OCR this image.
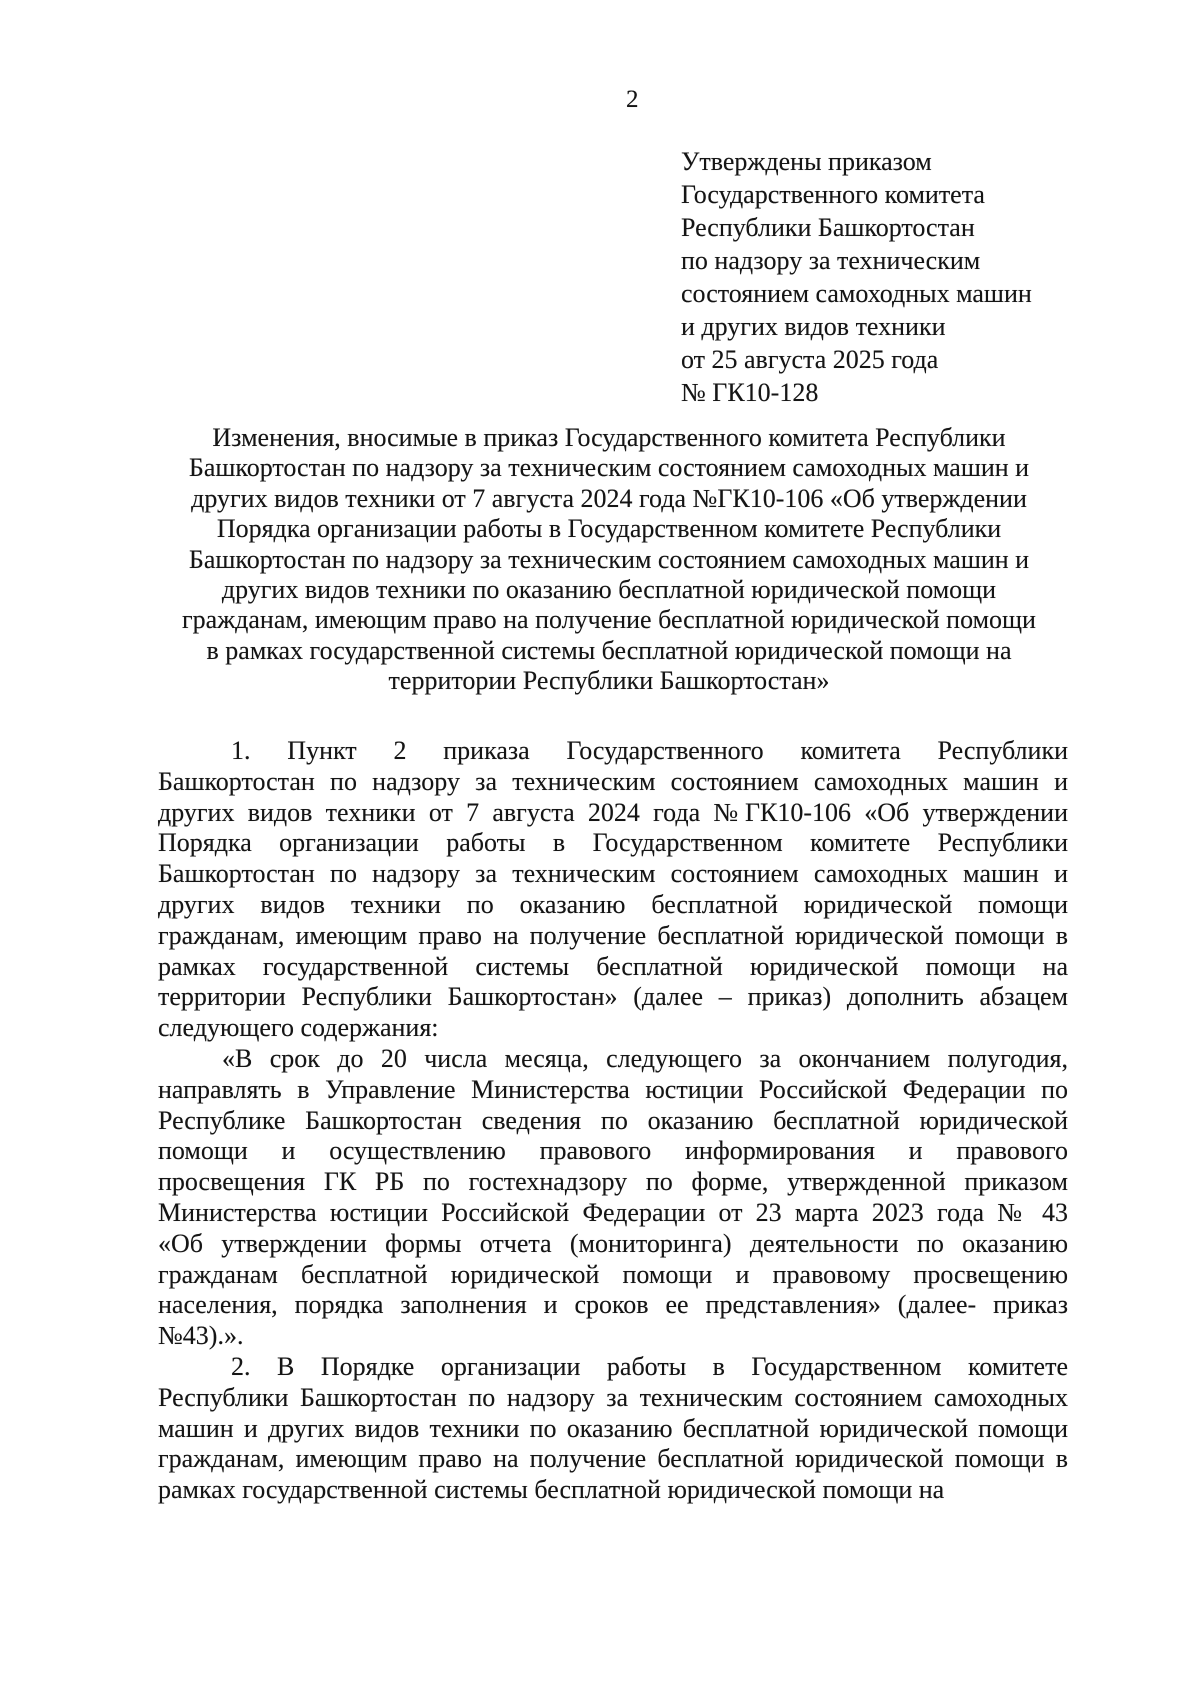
2
Утверждены приказом
Государственного комитета
Республики Башкортостан
по надзору за техническим
состоянием самоходных машин
и других видов техники
от 25 августа 2025 года
№ ГК10-128
Изменения, вносимые в приказ Государственного комитета Республики
Башкортостан по надзору за техническим состоянием самоходных машин и
других видов техники от 7 августа 2024 года №ГК10-106 «Об утверждении
Порядка организации работы в Государственном комитете Республики
Башкортостан по надзору за техническим состоянием самоходных машин и
других видов техники по оказанию бесплатной юридической помощи
гражданам, имеющим право на получение бесплатной юридической помощи
в рамках государственной системы бесплатной юридической помощи на
территории Республики Башкортостан»
1. Пункт 2 приказа Государственного комитета Республики
Башкортостан по надзору за техническим состоянием самоходных машин и
других видов техники от 7 августа 2024 года №ГК10-106 «Об утверждении
Порядка организации работы в Государственном комитете Республики
Башкортостан по надзору за техническим состоянием самоходных машин и
других видов техники по оказанию бесплатной юридической помощи
гражданам, имеющим право на получение бесплатной юридической помощи в
рамках государственной системы бесплатной юридической помощи на
территории Республики Башкортостан» (далее – приказ) дополнить абзацем
следующего содержания:
«В срок до 20 числа месяца, следующего за окончанием полугодия,
направлять в Управление Министерства юстиции Российской Федерации по
Республике Башкортостан сведения по оказанию бесплатной юридической
помощи и осуществлению правового информирования и правового
просвещения ГК РБ по гостехнадзору по форме, утвержденной приказом
Министерства юстиции Российской Федерации от 23 марта 2023 года № 43
«Об утверждении формы отчета (мониторинга) деятельности по оказанию
гражданам бесплатной юридической помощи и правовому просвещению
населения, порядка заполнения и сроков ее представления» (далее- приказ
№43).».
2. В Порядке организации работы в Государственном комитете
Республики Башкортостан по надзору за техническим состоянием самоходных
машин и других видов техники по оказанию бесплатной юридической помощи
гражданам, имеющим право на получение бесплатной юридической помощи в
рамках государственной системы бесплатной юридической помощи на
